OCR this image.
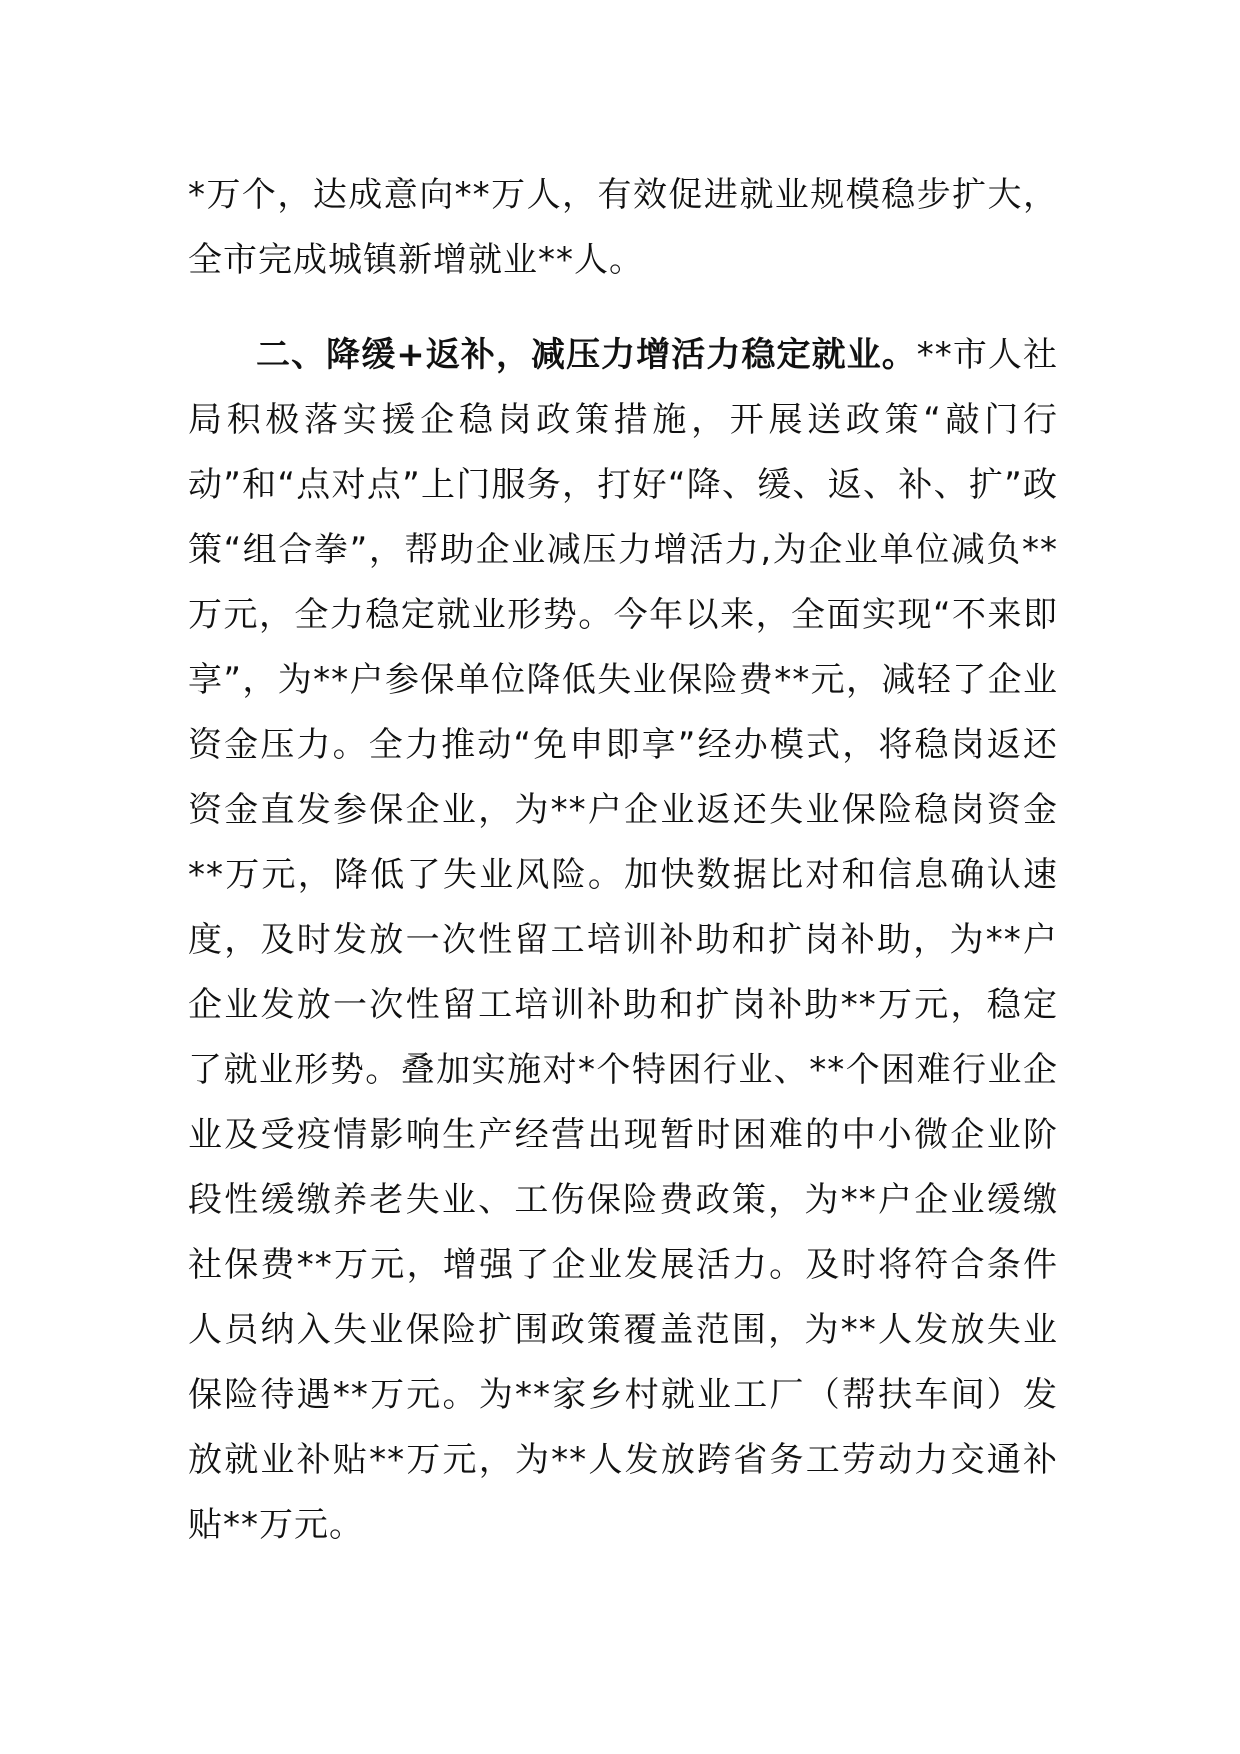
*万个，达成意向**万人，有效促进就业规模稳步扩大，全市完成城镇新增就业**人。

二、降缓+返补，减压力增活力稳定就业。**市人社局积极落实援企稳岗政策措施，开展送政策“敲门行动”和“点对点”上门服务，打好“降、缓、返、补、扩”政策“组合拳”，帮助企业减压力增活力,为企业单位减负**万元，全力稳定就业形势。今年以来，全面实现“不来即享”，为**户参保单位降低失业保险费**元，减轻了企业资金压力。全力推动“免申即享”经办模式，将稳岗返还资金直发参保企业，为**户企业返还失业保险稳岗资金**万元，降低了失业风险。加快数据比对和信息确认速度，及时发放一次性留工培训补助和扩岗补助，为**户企业发放一次性留工培训补助和扩岗补助**万元，稳定了就业形势。叠加实施对*个特困行业、**个困难行业企业及受疫情影响生产经营出现暂时困难的中小微企业阶段性缓缴养老失业、工伤保险费政策，为**户企业缓缴社保费**万元，增强了企业发展活力。及时将符合条件人员纳入失业保险扩围政策覆盖范围，为**人发放失业保险待遇**万元。为**家乡村就业工厂（帮扶车间）发放就业补贴**万元，为**人发放跨省务工劳动力交通补贴**万元。
